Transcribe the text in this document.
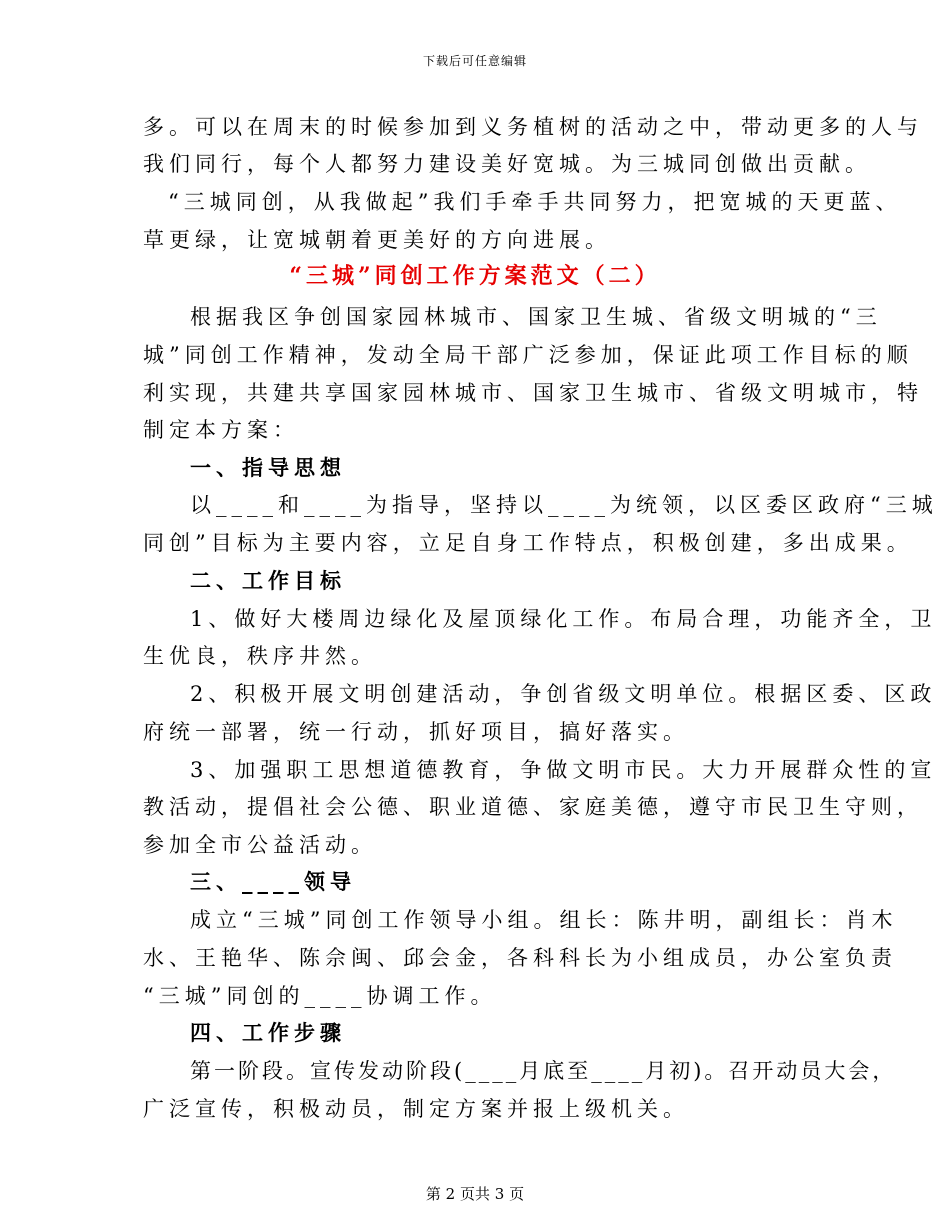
下载后可任意编辑
多。可以在周末的时候参加到义务植树的活动之中，带动更多的人与
我们同行，每个人都努力建设美好宽城。为三城同创做出贡献。
“三城同创，从我做起”我们手牵手共同努力，把宽城的天更蓝、
草更绿，让宽城朝着更美好的方向进展。
“三城”同创工作方案范文（二）
根据我区争创国家园林城市、国家卫生城、省级文明城的“三
城”同创工作精神，发动全局干部广泛参加，保证此项工作目标的顺
利实现，共建共享国家园林城市、国家卫生城市、省级文明城市，特
制定本方案：
一、指导思想
以____和____为指导，坚持以____为统领，以区委区政府“三城
同创”目标为主要内容，立足自身工作特点，积极创建，多出成果。
二、工作目标
1、做好大楼周边绿化及屋顶绿化工作。布局合理，功能齐全，卫
生优良，秩序井然。
2、积极开展文明创建活动，争创省级文明单位。根据区委、区政
府统一部署，统一行动，抓好项目，搞好落实。
3、加强职工思想道德教育，争做文明市民。大力开展群众性的宣
教活动，提倡社会公德、职业道德、家庭美德，遵守市民卫生守则，
参加全市公益活动。
三、____领导
成立“三城”同创工作领导小组。组长：陈井明，副组长：肖木
水、王艳华、陈佘闽、邱会金，各科科长为小组成员，办公室负责
“三城”同创的____协调工作。
四、工作步骤
第一阶段。宣传发动阶段(____月底至____月初)。召开动员大会，
广泛宣传，积极动员，制定方案并报上级机关。
第 2 页共 3 页
